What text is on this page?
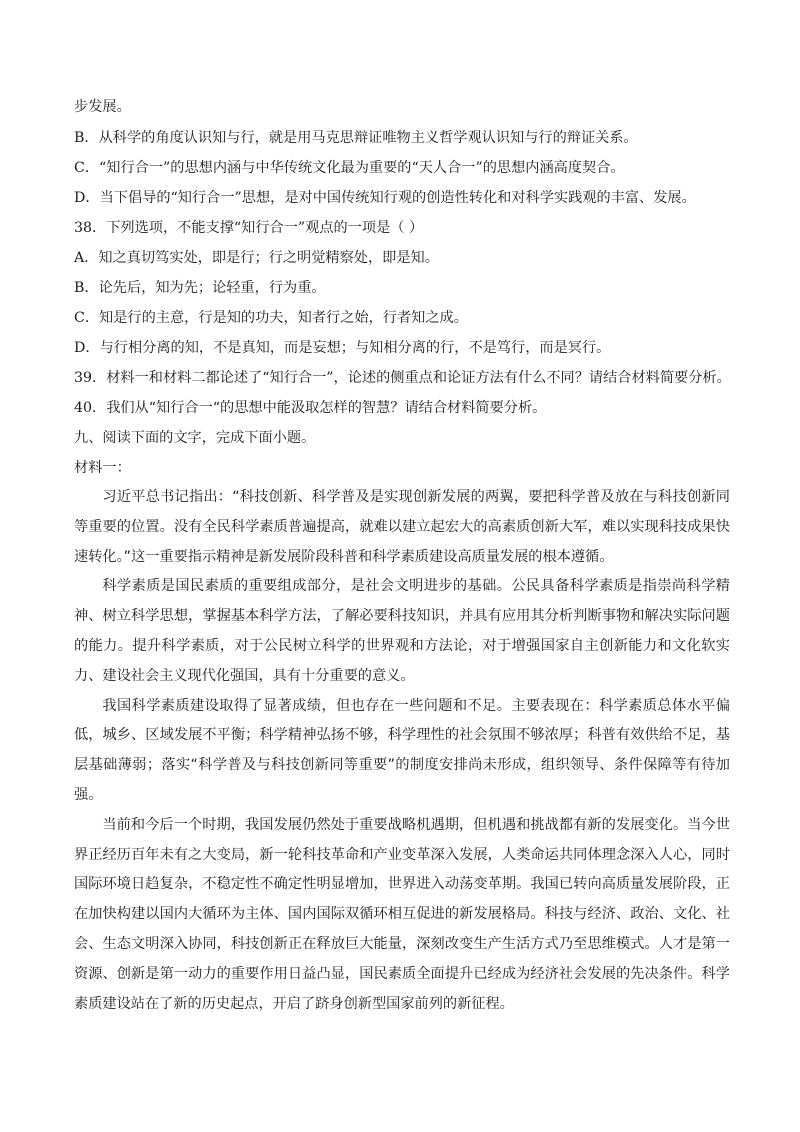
步发展。
B．从科学的角度认识知与行，就是用马克思辩证唯物主义哲学观认识知与行的辩证关系。
C．“知行合一”的思想内涵与中华传统文化最为重要的“天人合一”的思想内涵高度契合。
D．当下倡导的“知行合一”思想，是对中国传统知行观的创造性转化和对科学实践观的丰富、发展。
38．下列选项，不能支撑“知行合一”观点的一项是（ ）
A．知之真切笃实处，即是行；行之明觉精察处，即是知。
B．论先后，知为先；论轻重，行为重。
C．知是行的主意，行是知的功夫，知者行之始，行者知之成。
D．与行相分离的知，不是真知，而是妄想；与知相分离的行，不是笃行，而是冥行。
39．材料一和材料二都论述了“知行合一”，论述的侧重点和论证方法有什么不同？请结合材料简要分析。
40．我们从“知行合一“的思想中能汲取怎样的智慧？请结合材料简要分析。
九、阅读下面的文字，完成下面小题。
材料一：

习近平总书记指出：“科技创新、科学普及是实现创新发展的两翼，要把科学普及放在与科技创新同等重要的位置。没有全民科学素质普遍提高，就难以建立起宏大的高素质创新大军，难以实现科技成果快速转化。”这一重要指示精神是新发展阶段科普和科学素质建设高质量发展的根本遵循。

科学素质是国民素质的重要组成部分，是社会文明进步的基础。公民具备科学素质是指崇尚科学精神、树立科学思想，掌握基本科学方法，了解必要科技知识，并具有应用其分析判断事物和解决实际问题的能力。提升科学素质，对于公民树立科学的世界观和方法论，对于增强国家自主创新能力和文化软实力、建设社会主义现代化强国，具有十分重要的意义。

我国科学素质建设取得了显著成绩，但也存在一些问题和不足。主要表现在：科学素质总体水平偏低，城乡、区域发展不平衡；科学精神弘扬不够，科学理性的社会氛围不够浓厚；科普有效供给不足，基层基础薄弱；落实“科学普及与科技创新同等重要”的制度安排尚未形成，组织领导、条件保障等有待加强。

当前和今后一个时期，我国发展仍然处于重要战略机遇期，但机遇和挑战都有新的发展变化。当今世界正经历百年未有之大变局，新一轮科技革命和产业变革深入发展，人类命运共同体理念深入人心，同时国际环境日趋复杂，不稳定性不确定性明显增加，世界进入动荡变革期。我国已转向高质量发展阶段，正在加快构建以国内大循环为主体、国内国际双循环相互促进的新发展格局。科技与经济、政治、文化、社会、生态文明深入协同，科技创新正在释放巨大能量，深刻改变生产生活方式乃至思维模式。人才是第一资源、创新是第一动力的重要作用日益凸显，国民素质全面提升已经成为经济社会发展的先决条件。科学素质建设站在了新的历史起点，开启了跻身创新型国家前列的新征程。
